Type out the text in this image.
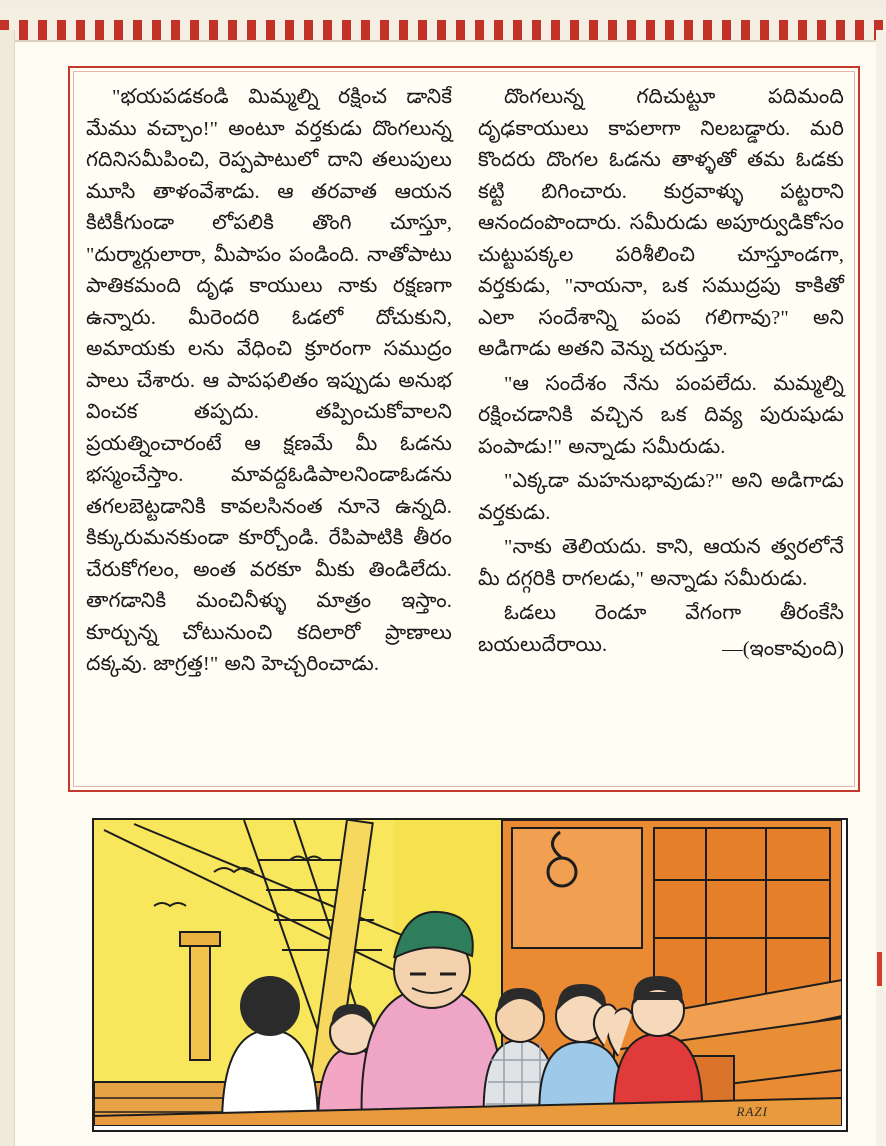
"భయపడకండి మిమ్మల్ని రక్షించ డానికే మేము వచ్చాం!" అంటూ వర్తకుడు దొంగలున్న గదినిసమీపించి, రెప్పపాటులో దాని తలుపులు మూసి తాళంవేశాడు. ఆ తరవాత ఆయన కిటికీగుండా లోపలికి తొంగి చూస్తూ, "దుర్మార్గులారా, మీపాపం పండింది. నాతోపాటు పాతికమంది దృఢ కాయులు నాకు రక్షణగా ఉన్నారు. మీరెందరి ఓడలో దోచుకుని, అమాయకు లను వేధించి క్రూరంగా సముద్రం పాలు చేశారు. ఆ పాపఫలితం ఇప్పుడు అనుభ వించక తప్పదు. తప్పించుకోవాలని ప్రయత్నించారంటే ఆ క్షణమే మీ ఓడను భస్మంచేస్తాం. మావద్దఓడిపాలనిండాఓడను తగలబెట్టడానికి కావలసినంత నూనె ఉన్నది. కిక్కురుమనకుండా కూర్చోండి. రేపిపాటికి తీరం చేరుకోగలం, అంత వరకూ మీకు తిండిలేదు. తాగడానికి మంచినీళ్ళు మాత్రం ఇస్తాం. కూర్చున్న చోటునుంచి కదిలారో ప్రాణాలు దక్కవు. జాగ్రత్త!" అని హెచ్చరించాడు.

దొంగలున్న గదిచుట్టూ పదిమంది దృఢకాయులు కాపలాగా నిలబడ్డారు. మరి కొందరు దొంగల ఓడను తాళ్ళతో తమ ఓడకు కట్టి బిగించారు. కుర్రవాళ్ళు పట్టరాని ఆనందంపొందారు. సమీరుడు అపూర్వుడికోసం చుట్టుపక్కల పరిశీలించి చూస్తూండగా, వర్తకుడు, "నాయనా, ఒక సముద్రపు కాకితో ఎలా సందేశాన్ని పంప గలిగావు?" అని అడిగాడు అతని వెన్ను చరుస్తూ.

"ఆ సందేశం నేను పంపలేదు. మమ్మల్ని రక్షించడానికి వచ్చిన ఒక దివ్య పురుషుడు పంపాడు!" అన్నాడు సమీరుడు.

"ఎక్కడా మహనుభావుడు?" అని అడిగాడు వర్తకుడు.

"నాకు తెలియదు. కాని, ఆయన త్వరలోనే మీ దగ్గరికి రాగలడు," అన్నాడు సమీరుడు.

ఓడలు రెండూ వేగంగా తీరంకేసి బయలుదేరాయి.	—(ఇంకావుంది)

RAZI
